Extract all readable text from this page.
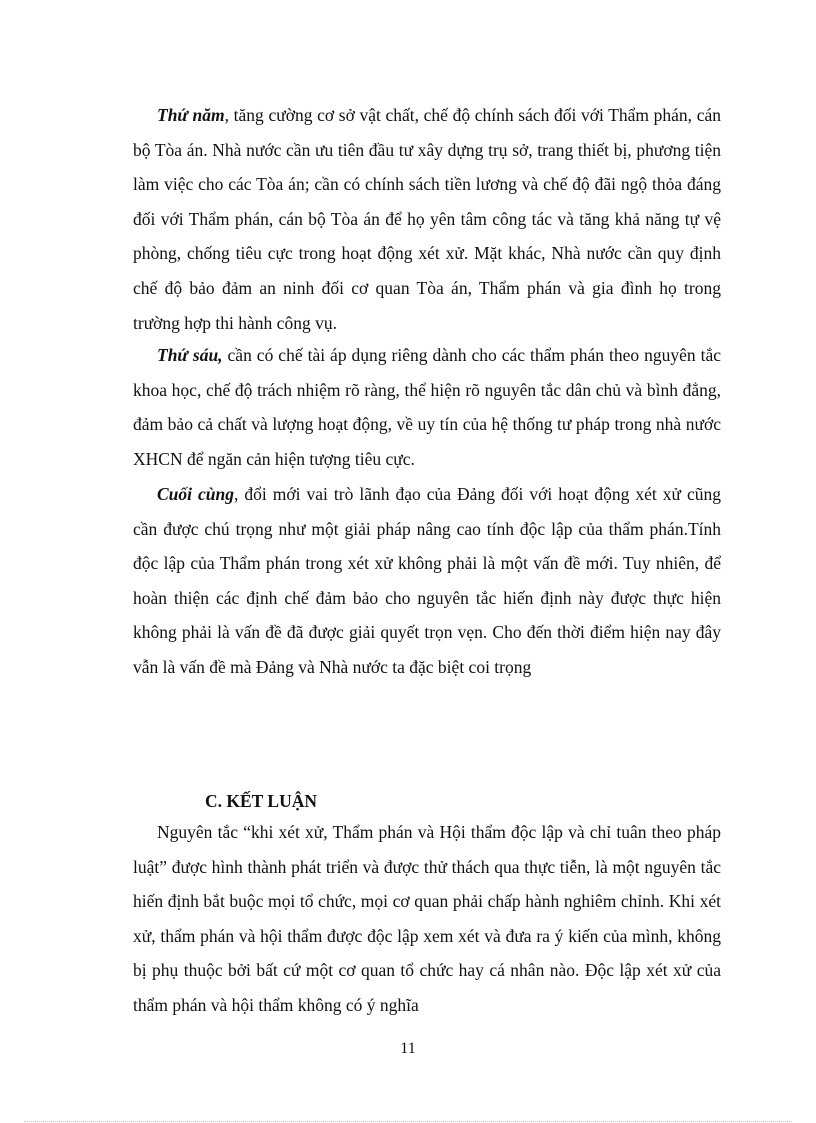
Thứ năm, tăng cường cơ sở vật chất, chế độ chính sách đối với Thẩm phán, cán bộ Tòa án. Nhà nước cần ưu tiên đầu tư xây dựng trụ sở, trang thiết bị, phương tiện làm việc cho các Tòa án; cần có chính sách tiền lương và chế độ đãi ngộ thỏa đáng đối với Thẩm phán, cán bộ Tòa án để họ yên tâm công tác và tăng khả năng tự vệ phòng, chống tiêu cực trong hoạt động xét xử. Mặt khác, Nhà nước cần quy định chế độ bảo đảm an ninh đối cơ quan Tòa án, Thẩm phán và gia đình họ trong trường hợp thi hành công vụ.

Thứ sáu, cần có chế tài áp dụng riêng dành cho các thẩm phán theo nguyên tắc khoa học, chế độ trách nhiệm rõ ràng, thể hiện rõ nguyên tắc dân chủ và bình đẳng, đảm bảo cả chất và lượng hoạt động, về uy tín của hệ thống tư pháp trong nhà nước XHCN để ngăn cản hiện tượng tiêu cực.

Cuối cùng, đổi mới vai trò lãnh đạo của Đảng đối với hoạt động xét xử cũng cần được chú trọng như một giải pháp nâng cao tính độc lập của thẩm phán.Tính độc lập của Thẩm phán trong xét xử không phải là một vấn đề mới. Tuy nhiên, để hoàn thiện các định chế đảm bảo cho nguyên tắc hiến định này được thực hiện không phải là vấn đề đã được giải quyết trọn vẹn. Cho đến thời điểm hiện nay đây vẫn là vấn đề mà Đảng và Nhà nước ta đặc biệt coi trọng

C. KẾT LUẬN

Nguyên tắc “khi xét xử, Thẩm phán và Hội thẩm độc lập và chỉ tuân theo pháp luật” được hình thành phát triển và được thử thách qua thực tiễn, là một nguyên tắc hiến định bắt buộc mọi tổ chức, mọi cơ quan phải chấp hành nghiêm chỉnh. Khi xét xử, thẩm phán và hội thẩm được độc lập xem xét và đưa ra ý kiến của mình, không bị phụ thuộc bởi bất cứ một cơ quan tổ chức hay cá nhân nào. Độc lập xét xử của thẩm phán và hội thẩm không có ý nghĩa

11
